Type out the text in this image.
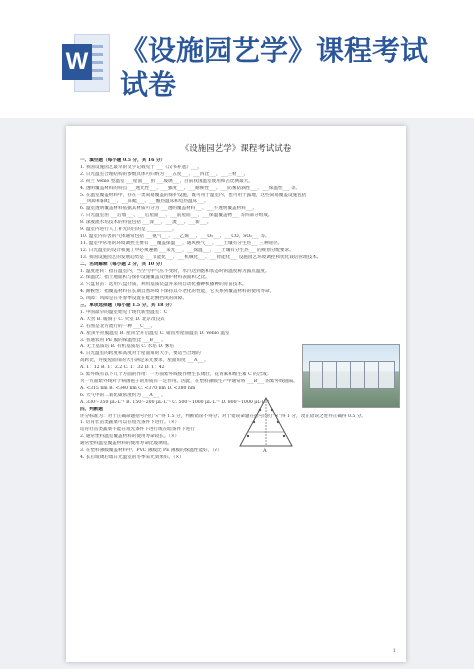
W 《设施园艺学》课程考试试卷
《设施园艺学》课程考试试卷
一、填空题（每小题 0.5 分，共 16 分）
1. 我国设施园艺最早的文字记载见于 ___《汉书补遗》___。
2. 日光温室合理结构的参数具体可归纳为 ___五度___、___四比___、___三材___。
3. 荷兰 Venlo 型温室 ___屋面___ 由 ___玻璃___，目前我国温室使用和占比例最大。
4. 透明覆盖材料的特点 ___透光性___、___强度___、___耐候性___、___防雾防滴性___、___保温性___ 等。
5. 在温室覆盖材料中，存在一类简易覆盖的保护设施，既可用于温室内，也可用于露地，这些简易覆盖设施包括
___风障和阳畦___、___阳畦___、___酿热温床和电热温床___。
6. 温室透明覆盖材料依据其材质可分为 ___透明覆盖材料___、___不透明覆盖材料___。
7. 日光温室由 ___后墙___、___后屋面___、___前屋面___、___保温覆盖物___ 等四部分组成。
8. 深液流水培技术的特征包括 ___深___、___流___、___新___。
9. 温室内进行人工补光的目的是 ___________。
10. 温室内有害的气体通常包括 ___氨气___、___乙烯___、___O₃___、___CO、SO₂___ 等。
11. 温室中常用的环境调控主要有 ___覆盖保温___、通风换气___、___土壤有分生热___ 三种途径。
12. 日光温室的设计和施工中必须遵循 ___采光___、___保温___、___土壤有分生热___ 的规划分配要求。
13. 我国设施园艺的发展趋势是 ___节能化___、___机械化___、___智能化___ 设施园艺环境调控和优化栽培管理技术。
二、名词解释（每小题 2 分，共 10 分）
1. 温度逆转：指在温室内，当空气中气压不变时，水汽达到饱和状态时的温度称为露点温度。
2. 保温比：指土地面积与保护设施覆盖及围护材料表面积之比。
3. 穴盘育苗：选用穴盘介质，利用基质装盘并采用自动化播种机播种的育苗技术。
4. 耐候性：指覆盖材料在长期自然环境下保持其不老化的性能，它关系到覆盖材料的使用寿命。
5. 风障：风障是在冬春季设置在畦北侧挡风的屏障。
三、单项选择题（每小题 1.5 分，共 18 分）
1. 中国最早的温室始见于现代新型温室：C
A. 大窖 B. 暖洞子 C. 火室 D. 北京改良式
2. 右图是北方流行的一种 ___C___。
A. 屋顶平拉膜温室 B. 屋顶全开启温室 C. 锯齿形屋面温室 D. Venlo 温室
3. 普通农用 PE 膜的保温性比 ___B___ 。
A. 无土基质培 B. 有机基质培 C. 水培 D. 雾培
4. 日光温室的跨度和高度对于屋面角的大小，要适当合理的
高跨比，并使屋面角的大小满足采光要求，屋面角度 ___A___。
A. 1：12 B. 1：2.2 C. 1：32 D. 1：42
5. 紫外线有以下几个方面的作用：一方面紫外线使作物生长矮壮，花青素和维生素 C 的合成；
另一方面紫外线对于病菌孢子的形成有一定作用。因此，在塑料薄膜生产中通常将 ___B___ 的紫外线阻隔。
A. <315 nm B. <340 nm C. <370 nm D. <380 nm
6. 大气中的二氧化碳浓度约为 ___A___ 。
A. 330～350 μL·L⁻¹ B. 150～200 μL·L⁻¹ C. 500～1000 μL·L⁻¹ D. 800～1000 μL·L⁻¹
四、判断题
评分标准为：对于正确命题括号内打“√”得 1.5 分，判断错误不得分；对于错误命题在括号内打“×”得 1 分，改正错误之处并正确得 0.5 分。
1. 培育壮苗类蔬菜可以在短光条件下进行。（×）
培育壮苗类蔬菜不能在短光条件下进行或在暗条件下进行
2. 通常塑料温室覆盖材料的使用寿命较长。（×）
通常塑料温室覆盖材料的使用寿命比玻璃短。
3. 在塑料薄膜覆盖材料中，PVC 薄膜比 PE 薄膜的保温性能好。（√）
4. 长后坡矮后墙日光温室的冬季采光效果好。（×）
A
1
